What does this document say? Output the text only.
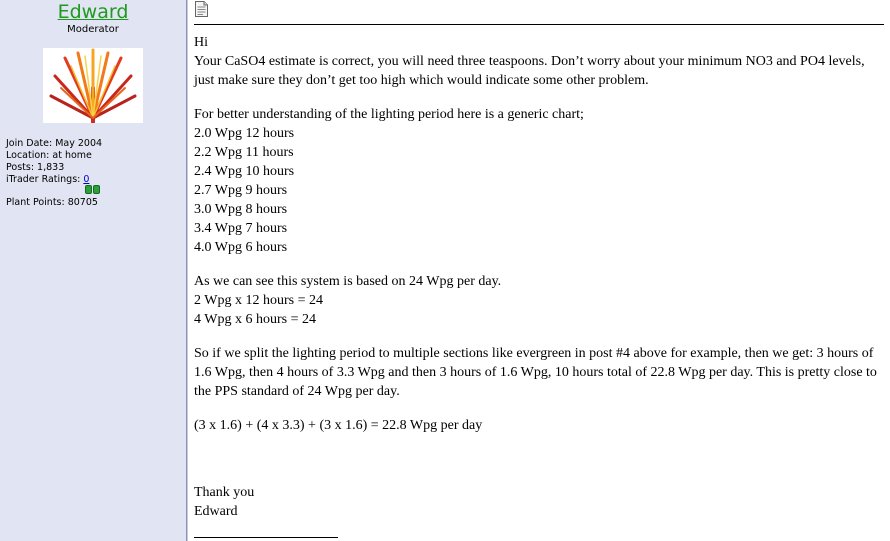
Edward
Moderator
Join Date: May 2004
Location: at home
Posts: 1,833
iTrader Ratings: 0
Plant Points: 80705

Hi
Your CaSO4 estimate is correct, you will need three teaspoons. Don’t worry about your minimum NO3 and PO4 levels, just make sure they don’t get too high which would indicate some other problem.

For better understanding of the lighting period here is a generic chart;
2.0 Wpg 12 hours
2.2 Wpg 11 hours
2.4 Wpg 10 hours
2.7 Wpg 9 hours
3.0 Wpg 8 hours
3.4 Wpg 7 hours
4.0 Wpg 6 hours

As we can see this system is based on 24 Wpg per day.
2 Wpg x 12 hours = 24
4 Wpg x 6 hours = 24

So if we split the lighting period to multiple sections like evergreen in post #4 above for example, then we get: 3 hours of 1.6 Wpg, then 4 hours of 3.3 Wpg and then 3 hours of 1.6 Wpg, 10 hours total of 22.8 Wpg per day. This is pretty close to the PPS standard of 24 Wpg per day.

(3 x 1.6) + (4 x 3.3) + (3 x 1.6) = 22.8 Wpg per day

Thank you
Edward
